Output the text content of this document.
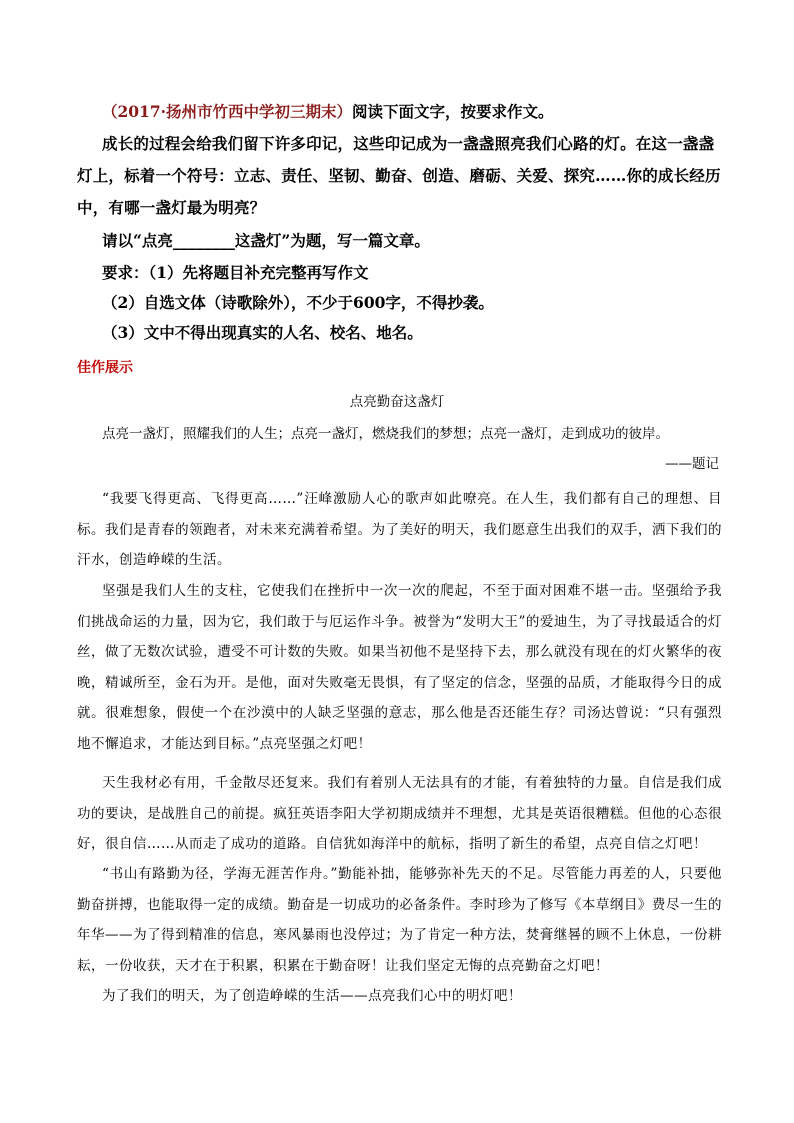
（2017·扬州市竹西中学初三期末）阅读下面文字，按要求作文。
成长的过程会给我们留下许多印记，这些印记成为一盏盏照亮我们心路的灯。在这一盏盏灯上，标着一个符号：立志、责任、坚韧、勤奋、创造、磨砺、关爱、探究……你的成长经历中，有哪一盏灯最为明亮？
请以“点亮________这盏灯”为题，写一篇文章。
要求：（1）先将题目补充完整再写作文
（2）自选文体（诗歌除外），不少于600字，不得抄袭。
（3）文中不得出现真实的人名、校名、地名。
佳作展示
点亮勤奋这盏灯
点亮一盏灯，照耀我们的人生；点亮一盏灯，燃烧我们的梦想；点亮一盏灯，走到成功的彼岸。
——题记
“我要飞得更高、飞得更高……”汪峰激励人心的歌声如此嘹亮。在人生，我们都有自己的理想、目标。我们是青春的领跑者，对未来充满着希望。为了美好的明天，我们愿意生出我们的双手，洒下我们的汗水，创造峥嵘的生活。
坚强是我们人生的支柱，它使我们在挫折中一次一次的爬起，不至于面对困难不堪一击。坚强给予我们挑战命运的力量，因为它，我们敢于与厄运作斗争。被誉为“发明大王”的爱迪生，为了寻找最适合的灯丝，做了无数次试验，遭受不可计数的失败。如果当初他不是坚持下去，那么就没有现在的灯火繁华的夜晚，精诚所至，金石为开。是他，面对失败毫无畏惧，有了坚定的信念，坚强的品质，才能取得今日的成就。很难想象，假使一个在沙漠中的人缺乏坚强的意志，那么他是否还能生存？司汤达曾说：“只有强烈地不懈追求，才能达到目标。”点亮坚强之灯吧！
天生我材必有用，千金散尽还复来。我们有着别人无法具有的才能，有着独特的力量。自信是我们成功的要诀，是战胜自己的前提。疯狂英语李阳大学初期成绩并不理想，尤其是英语很糟糕。但他的心态很好，很自信……从而走了成功的道路。自信犹如海洋中的航标，指明了新生的希望，点亮自信之灯吧！
“书山有路勤为径，学海无涯苦作舟。”勤能补拙，能够弥补先天的不足。尽管能力再差的人，只要他勤奋拼搏，也能取得一定的成绩。勤奋是一切成功的必备条件。李时珍为了修写《本草纲目》费尽一生的年华——为了得到精准的信息，寒风暴雨也没停过；为了肯定一种方法，焚膏继晷的顾不上休息，一份耕耘，一份收获，天才在于积累，积累在于勤奋呀！让我们坚定无悔的点亮勤奋之灯吧！
为了我们的明天，为了创造峥嵘的生活——点亮我们心中的明灯吧！
